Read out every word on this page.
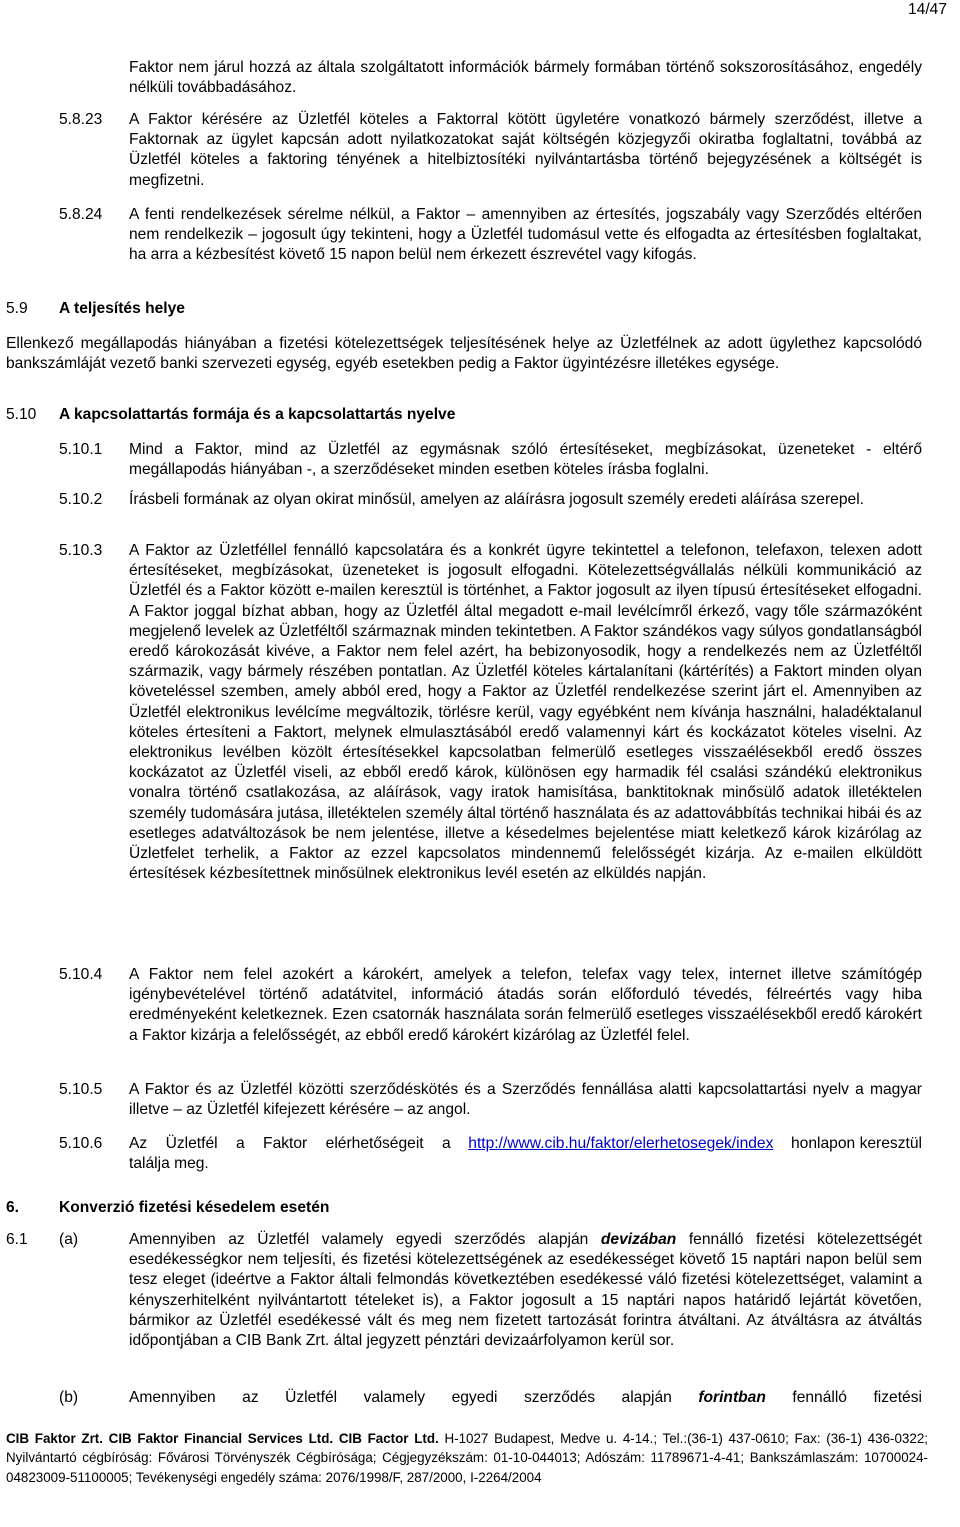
14/47
Faktor nem járul hozzá az általa szolgáltatott információk bármely formában történő sokszorosításához, engedély nélküli továbbadásához.
5.8.23 A Faktor kérésére az Üzletfél köteles a Faktorral kötött ügyletére vonatkozó bármely szerződést, illetve a Faktornak az ügylet kapcsán adott nyilatkozatokat saját költségén közjegyzői okiratba foglaltatni, továbbá az Üzletfél köteles a faktoring tényének a hitelbiztosítéki nyilvántartásba történő bejegyzésének a költségét is megfizetni.
5.8.24 A fenti rendelkezések sérelme nélkül, a Faktor – amennyiben az értesítés, jogszabály vagy Szerződés eltérően nem rendelkezik – jogosult úgy tekinteni, hogy a Üzletfél tudomásul vette és elfogadta az értesítésben foglaltakat, ha arra a kézbesítést követő 15 napon belül nem érkezett észrevétel vagy kifogás.
5.9 A teljesítés helye
Ellenkező megállapodás hiányában a fizetési kötelezettségek teljesítésének helye az Üzletfélnek az adott ügylethez kapcsolódó bankszámláját vezető banki szervezeti egység, egyéb esetekben pedig a Faktor ügyintézésre illetékes egysége.
5.10 A kapcsolattartás formája és a kapcsolattartás nyelve
5.10.1 Mind a Faktor, mind az Üzletfél az egymásnak szóló értesítéseket, megbízásokat, üzeneteket - eltérő megállapodás hiányában -, a szerződéseket minden esetben köteles írásba foglalni.
5.10.2 Írásbeli formának az olyan okirat minősül, amelyen az aláírásra jogosult személy eredeti aláírása szerepel.
5.10.3 A Faktor az Üzletféllel fennálló kapcsolatára és a konkrét ügyre tekintettel a telefonon, telefaxon, telexen adott értesítéseket, megbízásokat, üzeneteket is jogosult elfogadni. Kötelezettségvállalás nélküli kommunikáció az Üzletfél és a Faktor között e-mailen keresztül is történhet, a Faktor jogosult az ilyen típusú értesítéseket elfogadni. A Faktor joggal bízhat abban, hogy az Üzletfél által megadott e-mail levélcímről érkező, vagy tőle származóként megjelenő levelek az Üzletféltől származnak minden tekintetben. A Faktor szándékos vagy súlyos gondatlanságból eredő károkozását kivéve, a Faktor nem felel azért, ha bebizonyosodik, hogy a rendelkezés nem az Üzletféltől származik, vagy bármely részében pontatlan. Az Üzletfél köteles kártalanítani (kártérítés) a Faktort minden olyan követeléssel szemben, amely abból ered, hogy a Faktor az Üzletfél rendelkezése szerint járt el. Amennyiben az Üzletfél elektronikus levélcíme megváltozik, törlésre kerül, vagy egyébként nem kívánja használni, haladéktalanul köteles értesíteni a Faktort, melynek elmulasztásából eredő valamennyi kárt és kockázatot köteles viselni. Az elektronikus levélben közölt értesítésekkel kapcsolatban felmerülő esetleges visszaélésekből eredő összes kockázatot az Üzletfél viseli, az ebből eredő károk, különösen egy harmadik fél csalási szándékú elektronikus vonalra történő csatlakozása, az aláírások, vagy iratok hamisítása, banktitoknak minősülő adatok illetéktelen személy tudomására jutása, illetéktelen személy által történő használata és az adattovábbítás technikai hibái és az esetleges adatváltozások be nem jelentése, illetve a késedelmes bejelentése miatt keletkező károk kizárólag az Üzletfelet terhelik, a Faktor az ezzel kapcsolatos mindennemű felelősségét kizárja. Az e-mailen elküldött értesítések kézbesítettnek minősülnek elektronikus levél esetén az elküldés napján.
5.10.4 A Faktor nem felel azokért a károkért, amelyek a telefon, telefax vagy telex, internet illetve számítógép igénybevételével történő adatátvitel, információ átadás során előforduló tévedés, félreértés vagy hiba eredményeként keletkeznek. Ezen csatornák használata során felmerülő esetleges visszaélésekből eredő károkért a Faktor kizárja a felelősségét, az ebből eredő károkért kizárólag az Üzletfél felel.
5.10.5 A Faktor és az Üzletfél közötti szerződéskötés és a Szerződés fennállása alatti kapcsolattartási nyelv a magyar illetve – az Üzletfél kifejezett kérésére – az angol.
5.10.6 Az Üzletfél a Faktor elérhetőségeit a http://www.cib.hu/faktor/elerhetosegek/index honlapon keresztül találja meg.
6.	Konverzió fizetési késedelem esetén
6.1 (a)	Amennyiben az Üzletfél valamely egyedi szerződés alapján devizában fennálló fizetési kötelezettségét esedékességkor nem teljesíti, és fizetési kötelezettségének az esedékességet követő 15 naptári napon belül sem tesz eleget (ideértve a Faktor általi felmondás következtében esedékessé váló fizetési kötelezettséget, valamint a kényszerhitelként nyilvántartott tételeket is), a Faktor jogosult a 15 naptári napos határidő lejártát követően, bármikor az Üzletfél esedékessé vált és meg nem fizetett tartozását forintra átváltani. Az átváltásra az átváltás időpontjában a CIB Bank Zrt. által jegyzett pénztári devizaárfolyamon kerül sor.
(b)	Amennyiben az Üzletfél valamely egyedi szerződés alapján forintban fennálló fizetési
CIB Faktor Zrt. CIB Faktor Financial Services Ltd. CIB Factor Ltd. H-1027 Budapest, Medve u. 4-14.; Tel.:(36-1) 437-0610; Fax: (36-1) 436-0322; Nyilvántartó cégbíróság: Fővárosi Törvényszék Cégbírósága; Cégjegyzékszám: 01-10-044013; Adószám: 11789671-4-41; Bankszámlaszám: 10700024-04823009-51100005; Tevékenységi engedély száma: 2076/1998/F, 287/2000, I-2264/2004
